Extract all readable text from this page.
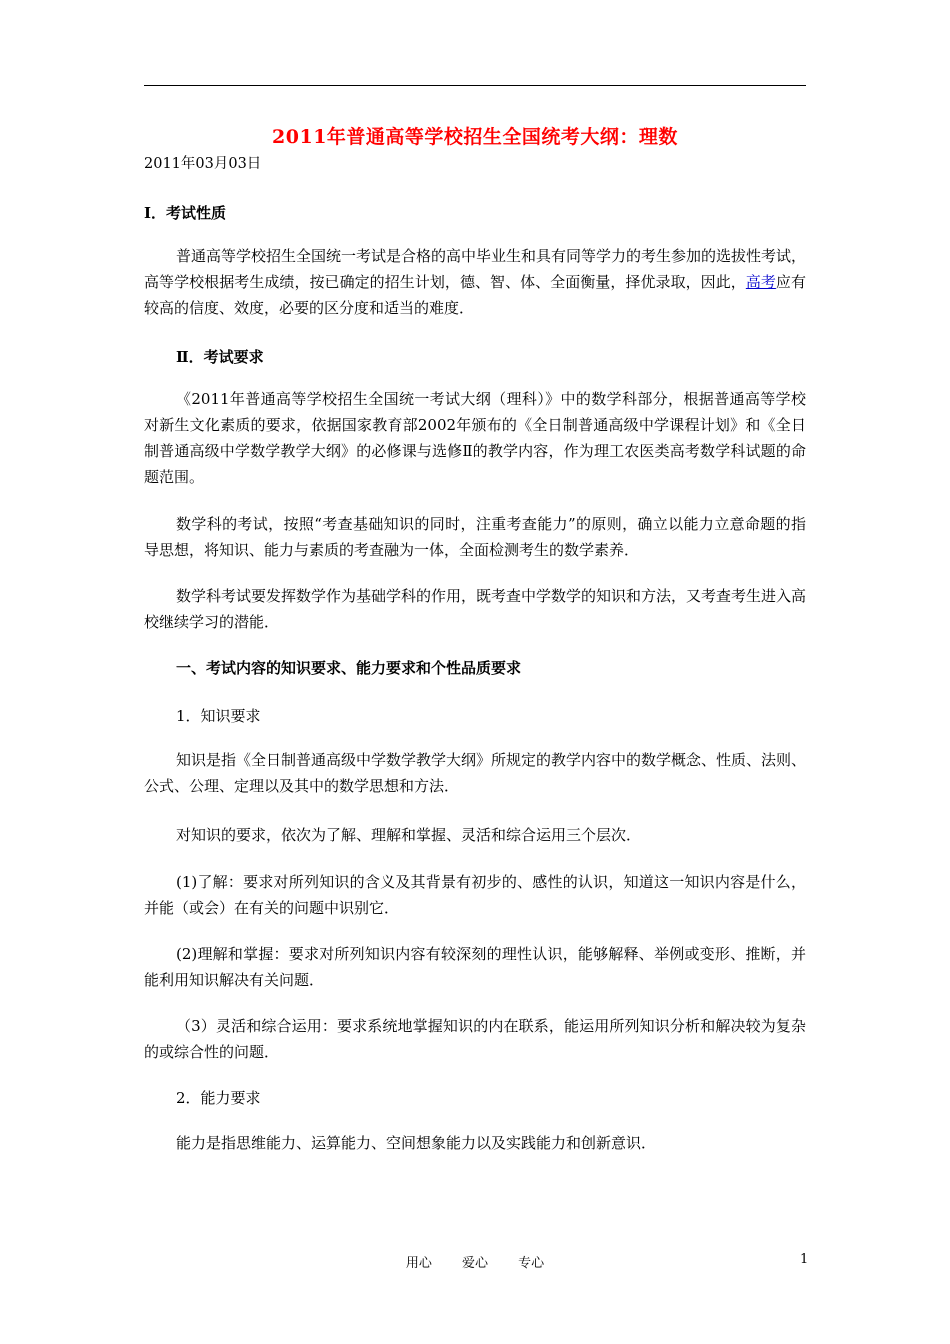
2011年普通高等学校招生全国统考大纲：理数
2011年03月03日
Ⅰ．考试性质
普通高等学校招生全国统一考试是合格的高中毕业生和具有同等学力的考生参加的选拔性考试，高等学校根据考生成绩，按已确定的招生计划，德、智、体、全面衡量，择优录取，因此，高考应有较高的信度、效度，必要的区分度和适当的难度．
Ⅱ．考试要求
《2011年普通高等学校招生全国统一考试大纲（理科）》中的数学科部分，根据普通高等学校对新生文化素质的要求，依据国家教育部2002年颁布的《全日制普通高级中学课程计划》和《全日制普通高级中学数学教学大纲》的必修课与选修Ⅱ的教学内容，作为理工农医类高考数学科试题的命题范围。
数学科的考试，按照“考查基础知识的同时，注重考查能力”的原则，确立以能力立意命题的指导思想，将知识、能力与素质的考查融为一体，全面检测考生的数学素养．
数学科考试要发挥数学作为基础学科的作用，既考查中学数学的知识和方法，又考查考生进入高校继续学习的潜能．
一、考试内容的知识要求、能力要求和个性品质要求
1．知识要求
知识是指《全日制普通高级中学数学教学大纲》所规定的教学内容中的数学概念、性质、法则、公式、公理、定理以及其中的数学思想和方法．
对知识的要求，依次为了解、理解和掌握、灵活和综合运用三个层次．
(1)了解：要求对所列知识的含义及其背景有初步的、感性的认识，知道这一知识内容是什么，并能（或会）在有关的问题中识别它．
(2)理解和掌握：要求对所列知识内容有较深刻的理性认识，能够解释、举例或变形、推断，并能利用知识解决有关问题．
（3）灵活和综合运用：要求系统地掌握知识的内在联系，能运用所列知识分析和解决较为复杂的或综合性的问题．
2．能力要求
能力是指思维能力、运算能力、空间想象能力以及实践能力和创新意识．
用心 爱心 专心	1
